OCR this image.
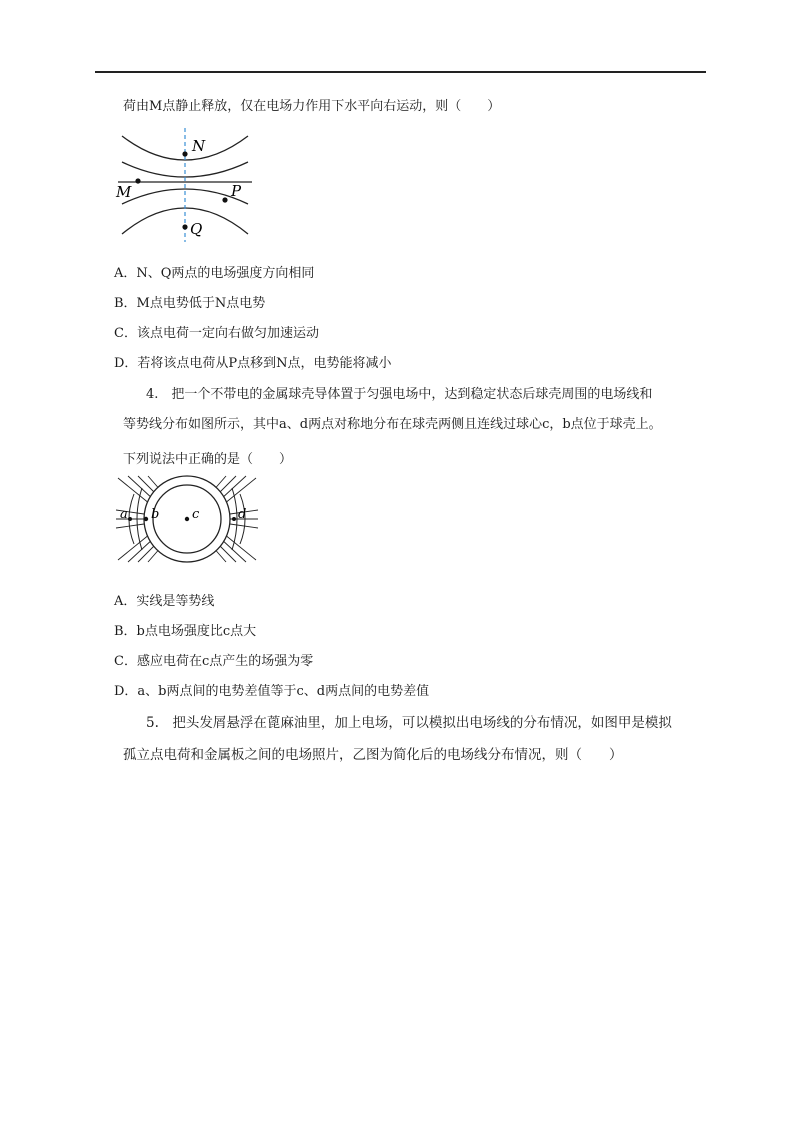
荷由M点静止释放，仅在电场力作用下水平向右运动，则（　　）
N
M	P
Q
A．N、Q两点的电场强度方向相同
B．M点电势低于N点电势
C．该点电荷一定向右做匀加速运动
D．若将该点电荷从P点移到N点，电势能将减小
4.　把一个不带电的金属球壳导体置于匀强电场中，达到稳定状态后球壳周围的电场线和
等势线分布如图所示，其中a、d两点对称地分布在球壳两侧且连线过球心c，b点位于球壳上。
下列说法中正确的是（　　）
a b	c	d
A．实线是等势线
B．b点电场强度比c点大
C．感应电荷在c点产生的场强为零
D．a、b两点间的电势差值等于c、d两点间的电势差值
5.　把头发屑悬浮在蓖麻油里，加上电场，可以模拟出电场线的分布情况，如图甲是模拟
孤立点电荷和金属板之间的电场照片，乙图为简化后的电场线分布情况，则（　　）
